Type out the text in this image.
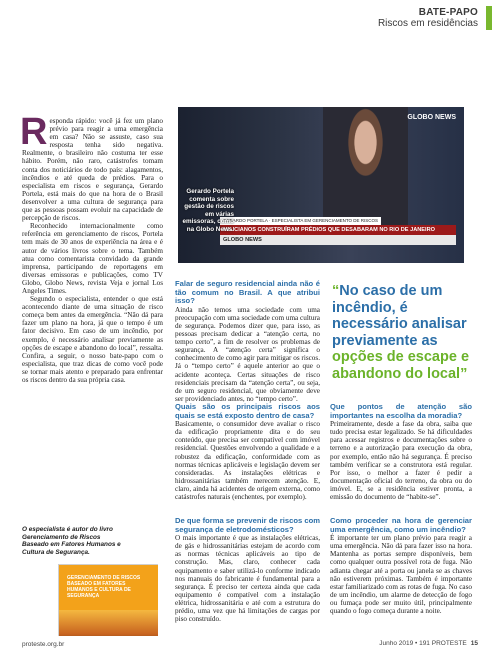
BATE-PAPO
Riscos em residências

Responda rápido: você já fez um plano prévio para reagir a uma emergência em casa? Não se assuste, caso sua resposta tenha sido negativa. Realmente, o brasileiro não costuma ter esse hábito. Porém, não raro, catástrofes tomam conta dos noticiários de todo país: alagamentos, incêndios e até queda de prédios. Para o especialista em riscos e segurança, Gerardo Portela, está mais do que na hora de o Brasil desenvolver a uma cultura de segurança para que as pessoas possam evoluir na capacidade de percepção de riscos.

Reconhecido internacionalmente como referência em gerenciamento de riscos, Portela tem mais de 30 anos de experiência na área e é autor de vários livros sobre o tema. Também atua como comentarista convidado da grande imprensa, participando de reportagens em diversas emissoras e publicações, como TV Globo, Globo News, revista Veja e jornal Los Angeles Times.

Segundo o especialista, entender o que está acontecendo diante de uma situação de risco começa bem antes da emergência. “Não dá para fazer um plano na hora, já que o tempo é um fator decisivo. Em caso de um incêndio, por exemplo, é necessário analisar previamente as opções de escape e abandono do local”, ressalta. Confira, a seguir, o nosso bate-papo com o especialista, que traz dicas de como você pode se tornar mais atento e preparado para enfrentar os riscos dentro da sua própria casa.

GLOBO NEWS
GERARDO PORTELA · ESPECIALISTA EM GERENCIAMENTO DE RISCOS
MILICIANOS CONSTRUÍRAM PRÉDIOS QUE DESABARAM NO RIO DE JANEIRO
GLOBO NEWS
Gerardo Portela comenta sobre gestão de riscos em várias emissoras, como na Globo News.
Falar de seguro residencial ainda não é tão comum no Brasil. A que atribui isso?

Ainda não temos uma sociedade com uma preocupação com uma sociedade com uma cultura de segurança. Podemos dizer que, para isso, as pessoas precisam dedicar a “atenção certa, no tempo certo”, a fim de resolver os problemas de segurança. A “atenção certa” significa o conhecimento de como agir para mitigar os riscos. Já o “tempo certo” é aquele anterior ao que o acidente aconteça. Certas situações de risco residenciais precisam da “atenção certa”, ou seja, de um seguro residencial, que obviamente deve ser providenciado antes, no “tempo certo”.

“No caso de um incêndio, é necessário analisar previamente as opções de escape e abandono do local”
Quais são os principais riscos aos quais se está exposto dentro de casa?

Basicamente, o consumidor deve avaliar o risco da edificação propriamente dita e do seu conteúdo, que precisa ser compatível com imóvel residencial. Questões envolvendo a qualidade e a robustez da edificação, conformidade com as normas técnicas aplicáveis e legislação devem ser consideradas. As instalações elétricas e hidrossanitárias também merecem atenção. E, claro, ainda há acidentes de origem externa, como catástrofes naturais (enchentes, por exemplo).

De que forma se prevenir de riscos com segurança de eletrodomésticos?

O mais importante é que as instalações elétricas, de gás e hidrossanitárias estejam de acordo com as normas técnicas aplicáveis ao tipo de construção. Mas, claro, conhecer cada equipamento e saber utilizá-lo conforme indicado nos manuais do fabricante é fundamental para a segurança. É preciso ter certeza ainda que cada equipamento é compatível com a instalação elétrica, hidrossanitária e até com a estrutura do prédio, uma vez que há limitações de cargas por piso construído.

Que pontos de atenção são importantes na escolha da moradia?

Primeiramente, desde a fase da obra, saiba que tudo precisa estar legalizado. Se há dificuldades para acessar registros e documentações sobre o terreno e a autorização para execução da obra, por exemplo, então não há segurança. É preciso também verificar se a construtora está regular. Por isso, o melhor a fazer é pedir a documentação oficial do terreno, da obra ou do imóvel. E, se a residência estiver pronta, a emissão do documento de “habite-se”.

Como proceder na hora de gerenciar uma emergência, como um incêndio?

É importante ter um plano prévio para reagir a uma emergência. Não dá para fazer isso na hora. Mantenha as portas sempre disponíveis, bem como qualquer outra possível rota de fuga. Não adianta chegar até a porta ou janela se as chaves não estiverem próximas. Também é importante estar familiarizado com as rotas de fuga. No caso de um incêndio, um alarme de detecção de fogo ou fumaça pode ser muito útil, principalmente quando o fogo começa durante a noite.

O especialista é autor do livro Gerenciamento de Riscos Baseado em Fatores Humanos e Cultura de Segurança.
GERENCIAMENTO DE RISCOS BASEADO EM FATORES HUMANOS E CULTURA DE SEGURANÇA
proteste.org.br	Junho 2019 • 191 PROTESTE 15
